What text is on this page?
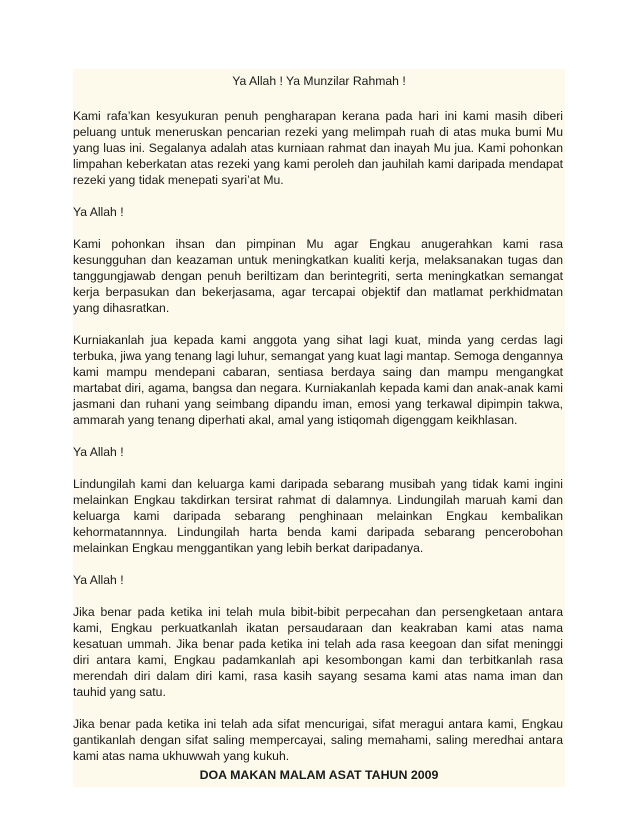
Ya Allah ! Ya Munzilar Rahmah !
Kami rafa’kan kesyukuran penuh pengharapan kerana pada hari ini kami masih diberi peluang untuk meneruskan pencarian rezeki yang melimpah ruah di atas muka bumi Mu yang luas ini. Segalanya adalah atas kurniaan rahmat dan inayah Mu jua. Kami pohonkan limpahan keberkatan atas rezeki yang kami peroleh dan jauhilah kami daripada mendapat rezeki yang tidak menepati syari’at Mu.
Ya Allah !
Kami pohonkan ihsan dan pimpinan Mu agar Engkau anugerahkan kami rasa kesungguhan dan keazaman untuk meningkatkan kualiti kerja, melaksanakan tugas dan tanggungjawab dengan penuh beriltizam dan berintegriti, serta meningkatkan semangat kerja berpasukan dan bekerjasama, agar tercapai objektif dan matlamat perkhidmatan yang dihasratkan.
Kurniakanlah jua kepada kami anggota yang sihat lagi kuat, minda yang cerdas lagi terbuka, jiwa yang tenang lagi luhur, semangat yang kuat lagi mantap. Semoga dengannya kami mampu mendepani cabaran, sentiasa berdaya saing dan mampu mengangkat martabat diri, agama, bangsa dan negara. Kurniakanlah kepada kami dan anak-anak kami jasmani dan ruhani yang seimbang dipandu iman, emosi yang terkawal dipimpin takwa, ammarah yang tenang diperhati akal, amal yang istiqomah digenggam keikhlasan.
Ya Allah !
Lindungilah kami dan keluarga kami daripada sebarang musibah yang tidak kami ingini melainkan Engkau takdirkan tersirat rahmat di dalamnya. Lindungilah maruah kami dan keluarga kami daripada sebarang penghinaan melainkan Engkau kembalikan kehormatannnya. Lindungilah harta benda kami daripada sebarang pencerobohan melainkan Engkau menggantikan yang lebih berkat daripadanya.
Ya Allah !
Jika benar pada ketika ini telah mula bibit-bibit perpecahan dan persengketaan antara kami, Engkau perkuatkanlah ikatan persaudaraan dan keakraban kami atas nama kesatuan ummah. Jika benar pada ketika ini telah ada rasa keegoan dan sifat meninggi diri antara kami, Engkau padamkanlah api kesombongan kami dan terbitkanlah rasa merendah diri dalam diri kami, rasa kasih sayang sesama kami atas nama iman dan tauhid yang satu.
Jika benar pada ketika ini telah ada sifat mencurigai, sifat meragui antara kami, Engkau gantikanlah dengan sifat saling mempercayai, saling memahami, saling meredhai antara kami atas nama ukhuwwah yang kukuh.
DOA MAKAN MALAM ASAT TAHUN 2009
